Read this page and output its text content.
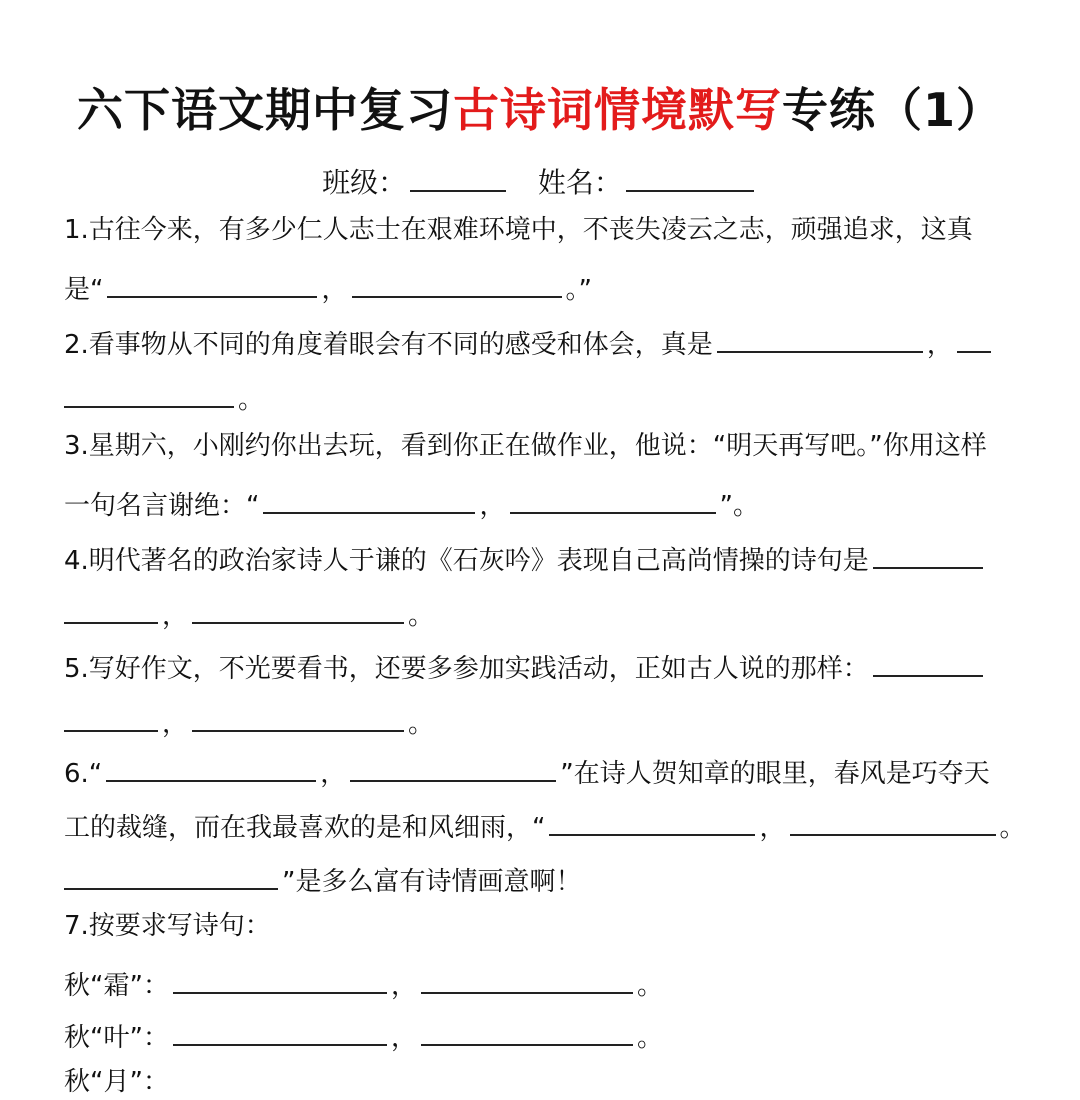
六下语文期中复习古诗词情境默写专练（1）
班级：	姓名：
1.古往今来，有多少仁人志士在艰难环境中，不丧失凌云之志，顽强追求，这真
是“	，	。”
2.看事物从不同的角度着眼会有不同的感受和体会，真是	，
。
3.星期六，小刚约你出去玩，看到你正在做作业，他说：“明天再写吧。”你用这样
一句名言谢绝：“	，	”。
4.明代著名的政治家诗人于谦的《石灰吟》表现自己高尚情操的诗句是
，	。
5.写好作文，不光要看书，还要多参加实践活动，正如古人说的那样：
，	。
6.“	，	”在诗人贺知章的眼里，春风是巧夺天
工的裁缝，而在我最喜欢的是和风细雨，“	，	。
”是多么富有诗情画意啊！
7.按要求写诗句：
秋“霜”：	，	。
秋“叶”：	，	。
秋“月”：
